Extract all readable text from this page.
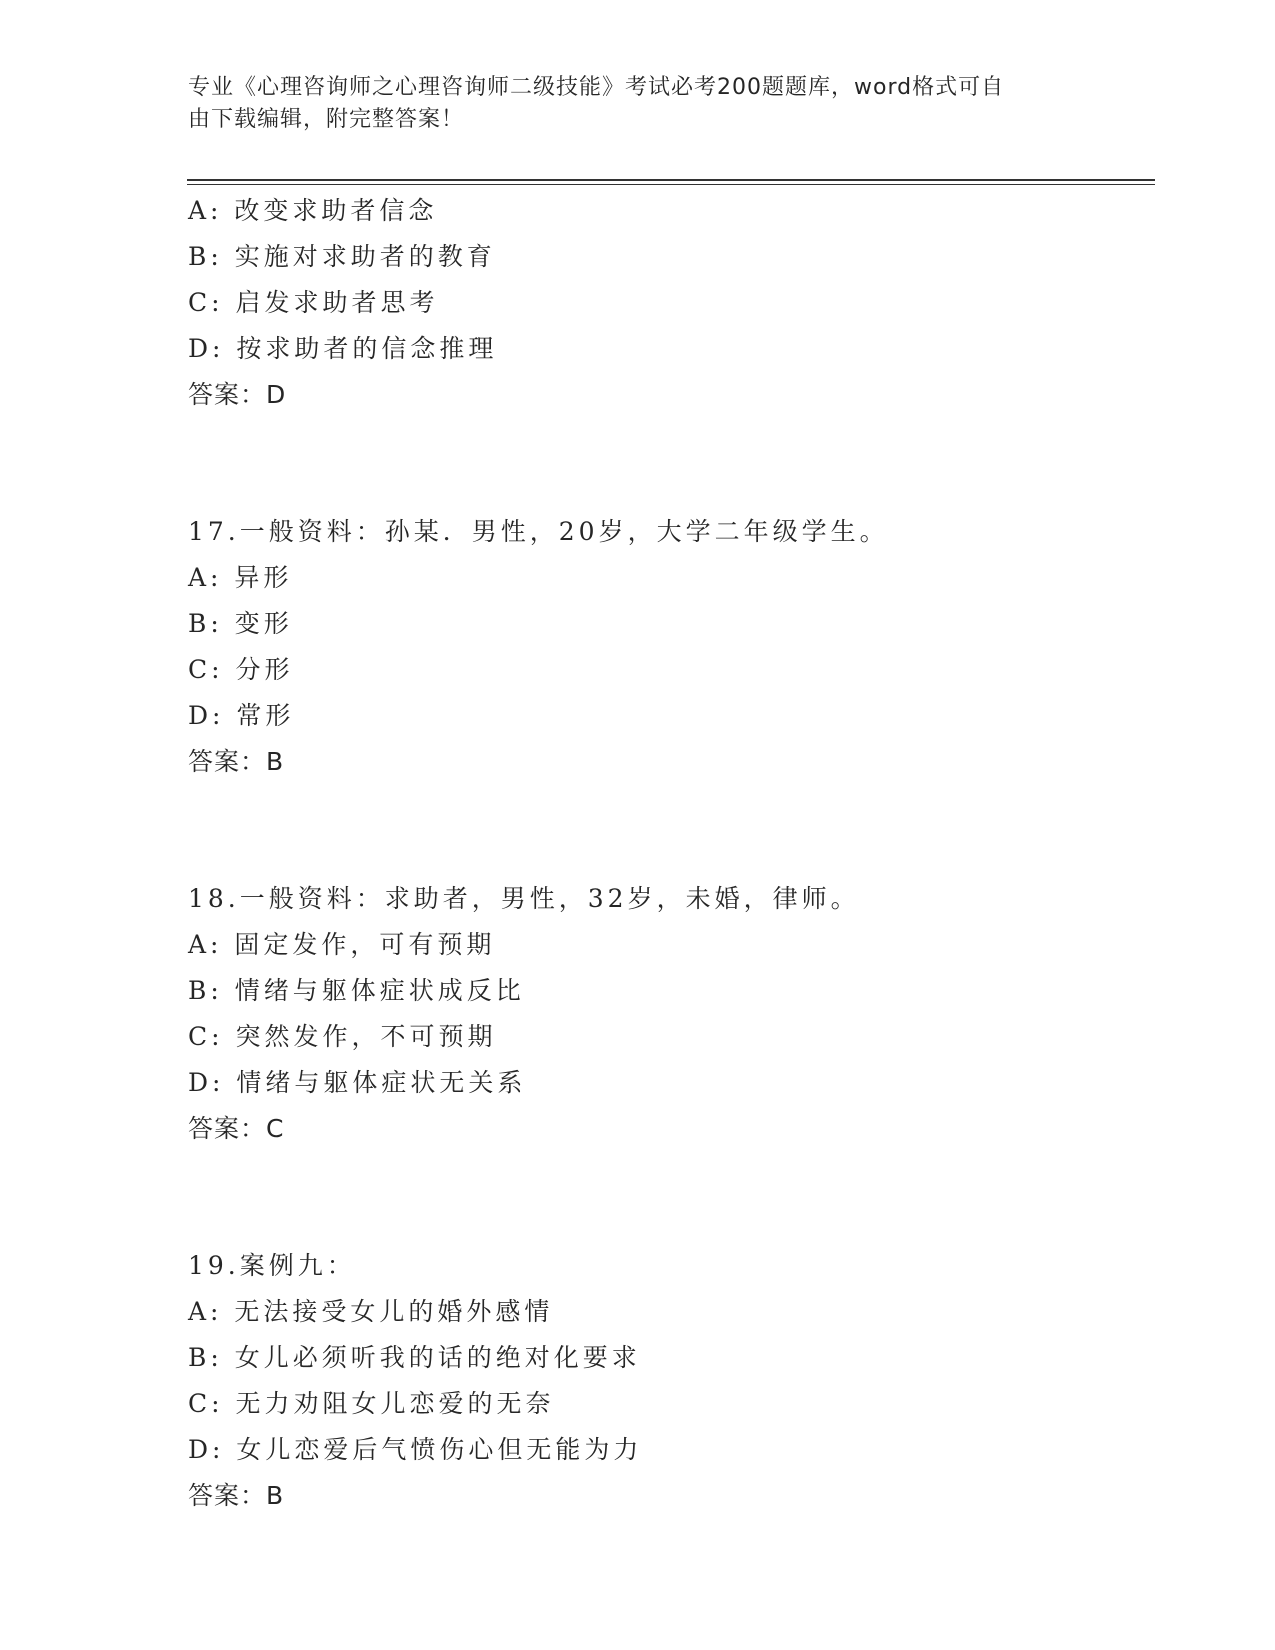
专业《心理咨询师之心理咨询师二级技能》考试必考200题题库，word格式可自
由下载编辑，附完整答案！
A: 改变求助者信念
B: 实施对求助者的教育
C: 启发求助者思考
D: 按求助者的信念推理
答案：D
17.一般资料：孙某．男性，20岁，大学二年级学生。
A: 异形
B: 变形
C: 分形
D: 常形
答案：B
18.一般资料：求助者，男性，32岁，未婚，律师。
A: 固定发作，可有预期
B: 情绪与躯体症状成反比
C: 突然发作，不可预期
D: 情绪与躯体症状无关系
答案：C
19.案例九：
A: 无法接受女儿的婚外感情
B: 女儿必须听我的话的绝对化要求
C: 无力劝阻女儿恋爱的无奈
D: 女儿恋爱后气愤伤心但无能为力
答案：B
